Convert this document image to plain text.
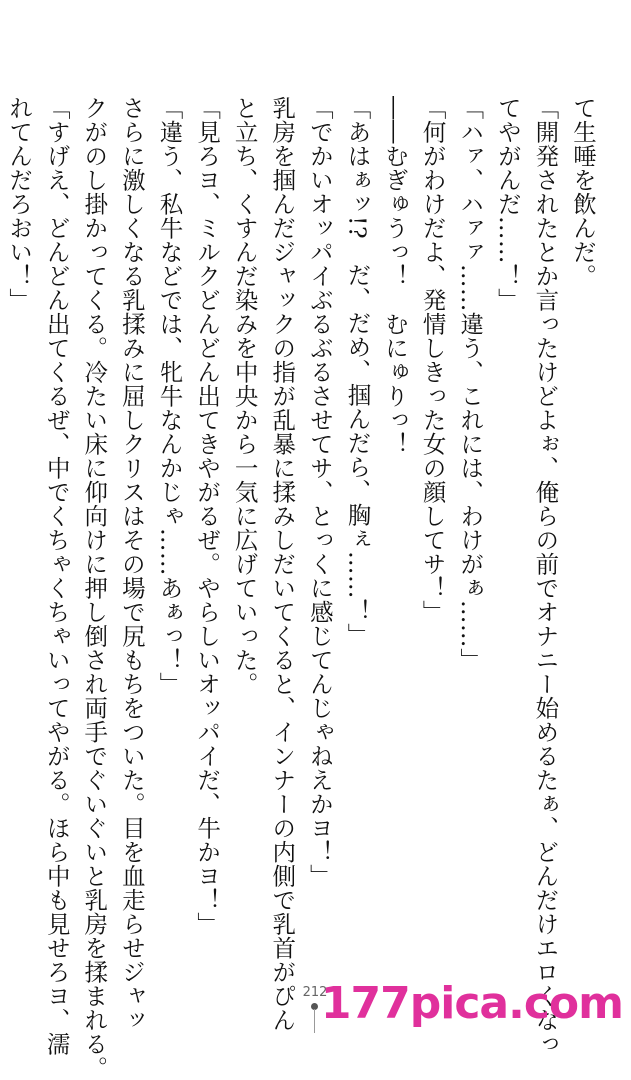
て生唾を飲んだ。
「開発されたとか言ったけどよぉ、俺らの前でオナニー始めるたぁ、どんだけエロくなっ
てやがんだ……！」
「ハァ、ハァァ……違う、これには、わけがぁ……」
「何がわけだよ、発情しきった女の顔してサ！」
――むぎゅうっ！　むにゅりっ！
「あはぁッ!?　だ、だめ、掴んだら、胸ぇ……！」
「でかいオッパイぶるぶるさせてサ、とっくに感じてんじゃねえかヨ！」
乳房を掴んだジャックの指が乱暴に揉みしだいてくると、インナーの内側で乳首がぴん
と立ち、くすんだ染みを中央から一気に広げていった。
「見ろヨ、ミルクどんどん出てきやがるぜ。やらしいオッパイだ、牛かヨ！」
「違う、私牛などでは、牝牛なんかじゃ……あぁっ！」
さらに激しくなる乳揉みに屈しクリスはその場で尻もちをついた。目を血走らせジャッ
クがのし掛かってくる。冷たい床に仰向けに押し倒され両手でぐいぐいと乳房を揉まれる。
「すげえ、どんどん出てくるぜ、中でくちゃくちゃいってやがる。ほら中も見せろヨ、濡
れてんだろおい！」
212
177pica.com
